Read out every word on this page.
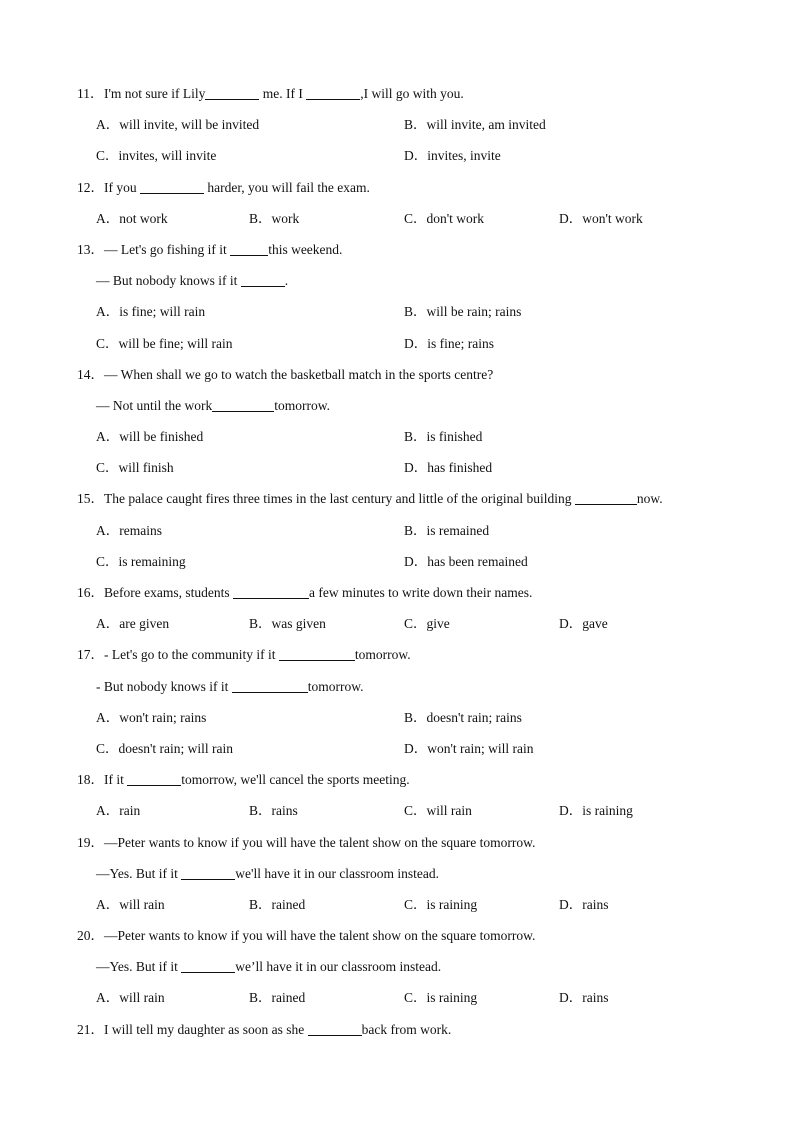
11． I'm not sure if Lily	me. If I	,I will go with you.
A．will invite, will be invited	B．will invite, am invited
C．invites, will invite	D．invites, invite
12． If you	harder, you will fail the exam.
A．not work	B．work	C．don't work	D．won't work
13． — Let's go fishing if it	this weekend.
— But nobody knows if it	.
A．is fine; will rain	B．will be rain; rains
C．will be fine; will rain	D．is fine; rains
14． — When shall we go to watch the basketball match in the sports centre?
— Not until the work	tomorrow.
A．will be finished	B．is finished
C．will finish	D．has finished
15． The palace caught fires three times in the last century and little of the original building	now.
A．remains	B．is remained
C．is remaining	D．has been remained
16． Before exams, students	a few minutes to write down their names.
A．are given	B．was given	C．give	D．gave
17． - Let's go to the community if it	tomorrow.
- But nobody knows if it	tomorrow.
A．won't rain; rains	B．doesn't rain; rains
C．doesn't rain; will rain	D．won't rain; will rain
18． If it	tomorrow, we'll cancel the sports meeting.
A．rain	B．rains	C．will rain	D．is raining
19． —Peter wants to know if you will have the talent show on the square tomorrow.
—Yes. But if it	we'll have it in our classroom instead.
A．will rain	B．rained	C．is raining	D．rains
20． —Peter wants to know if you will have the talent show on the square tomorrow.
—Yes. But if it	we’ll have it in our classroom instead.
A．will rain	B．rained	C．is raining	D．rains
21． I will tell my daughter as soon as she	back from work.
